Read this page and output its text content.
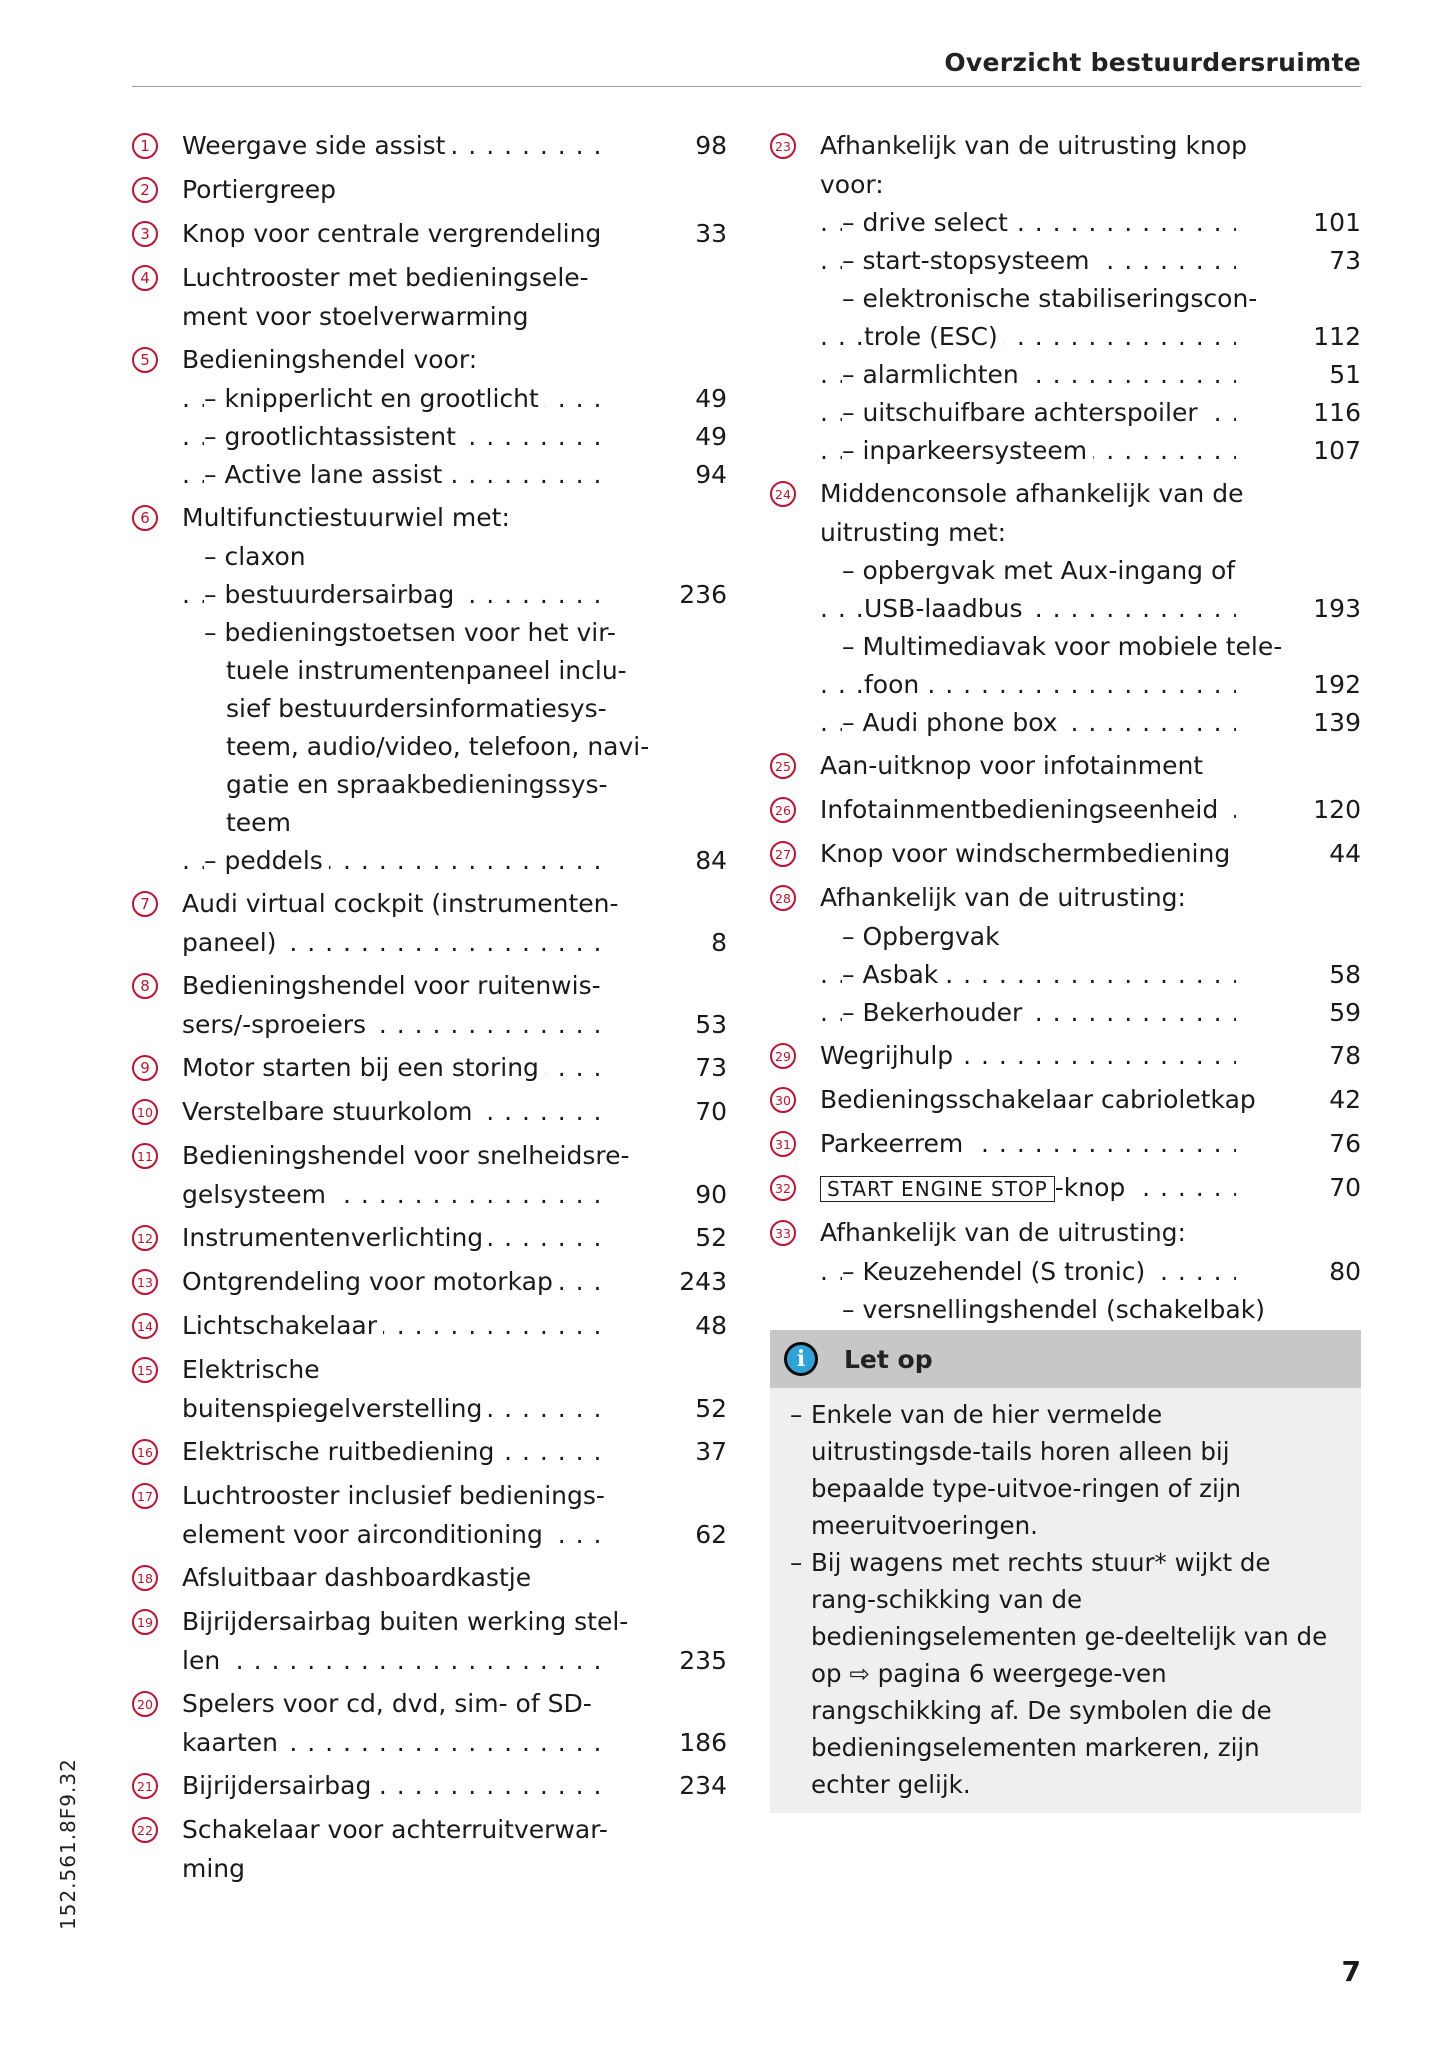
Overzicht bestuurdersruimte
1 . . .	Weergave side assist	98
2	Portiergreep
3	Knop voor centrale vergrendeling	33
4	Luchtrooster met bedieningsele-
ment voor stoelverwarming
5	Bedieningshendel voor:
. . .
– knipperlicht en grootlicht	49
. . .
– grootlichtassistent	49
. . .
– Active lane assist	94
6	Multifunctiestuurwiel met:
– claxon
. . .
– bestuurdersairbag	236
– bedieningstoetsen voor het vir-
tuele instrumentenpaneel inclu-
sief bestuurdersinformatiesys-
teem, audio/video, telefoon, navi-
gatie en spraakbedieningssys-
teem
. . .
– peddels	84
7	Audi virtual cockpit (instrumenten-
. . .
paneel)	8
8	Bedieningshendel voor ruitenwis-
. . .
sers/-sproeiers	53
9 . . .	Motor starten bij een storing	73
10 . . . Verstelbare stuurkolom	70
11 Bedieningshendel voor snelheidsre-
. . .
gelsysteem	90
12 . . . Instrumentenverlichting	52
13 . . . Ontgrendeling voor motorkap	243
14 . . . Lichtschakelaar	48
15 Elektrische
. . .
buitenspiegelverstelling	52
16 . . . Elektrische ruitbediening	37
17 Luchtrooster inclusief bedienings-
. . .
element voor airconditioning	62
18 Afsluitbaar dashboardkastje
19 Bijrijdersairbag buiten werking stel-
. . .
len	235
20 Spelers voor cd, dvd, sim- of SD-
. . .
kaarten	186
21 . . . Bijrijdersairbag	234
22 Schakelaar voor achterruitverwar-
ming
23 Afhankelijk van de uitrusting knop
voor:
. . .
– drive select	101
. . .
– start-stopsysteem	73
– elektronische stabiliseringscon-
. . .
trole (ESC)	112
. . .
– alarmlichten	51
. . .
– uitschuifbare achterspoiler	116
. . .
– inparkeersysteem	107
24 Middenconsole afhankelijk van de
uitrusting met:
– opbergvak met Aux-ingang of
. . .
USB-laadbus	193
– Multimediavak voor mobiele tele-
. . .
foon	192
. . .
– Audi phone box	139
25 Aan-uitknop voor infotainment
26 . . . Infotainmentbedieningseenheid	120
27 . . . Knop voor windschermbediening	44
28 Afhankelijk van de uitrusting:
– Opbergvak
. . .
– Asbak	58
. . .
– Bekerhouder	59
29 . . . Wegrijhulp	78
30 . . . Bedieningsschakelaar cabrioletkap	42
31 . . . Parkeerrem	76
32 . . .	START ENGINE STOP -knop	70
33 Afhankelijk van de uitrusting:
. . .
– Keuzehendel (S tronic)	80
– versnellingshendel (schakelbak)
i	Let op
– Enkele van de hier vermelde uitrustingsde-tails horen alleen bij bepaalde type-uitvoe-ringen of zijn meeruitvoeringen.
– Bij wagens met rechts stuur* wijkt de rang-schikking van de bedieningselementen ge-deeltelijk van de op ⇨ pagina 6 weergege-ven rangschikking af. De symbolen die de bedieningselementen markeren, zijn echter gelijk.
152.561.8F9.32
7
